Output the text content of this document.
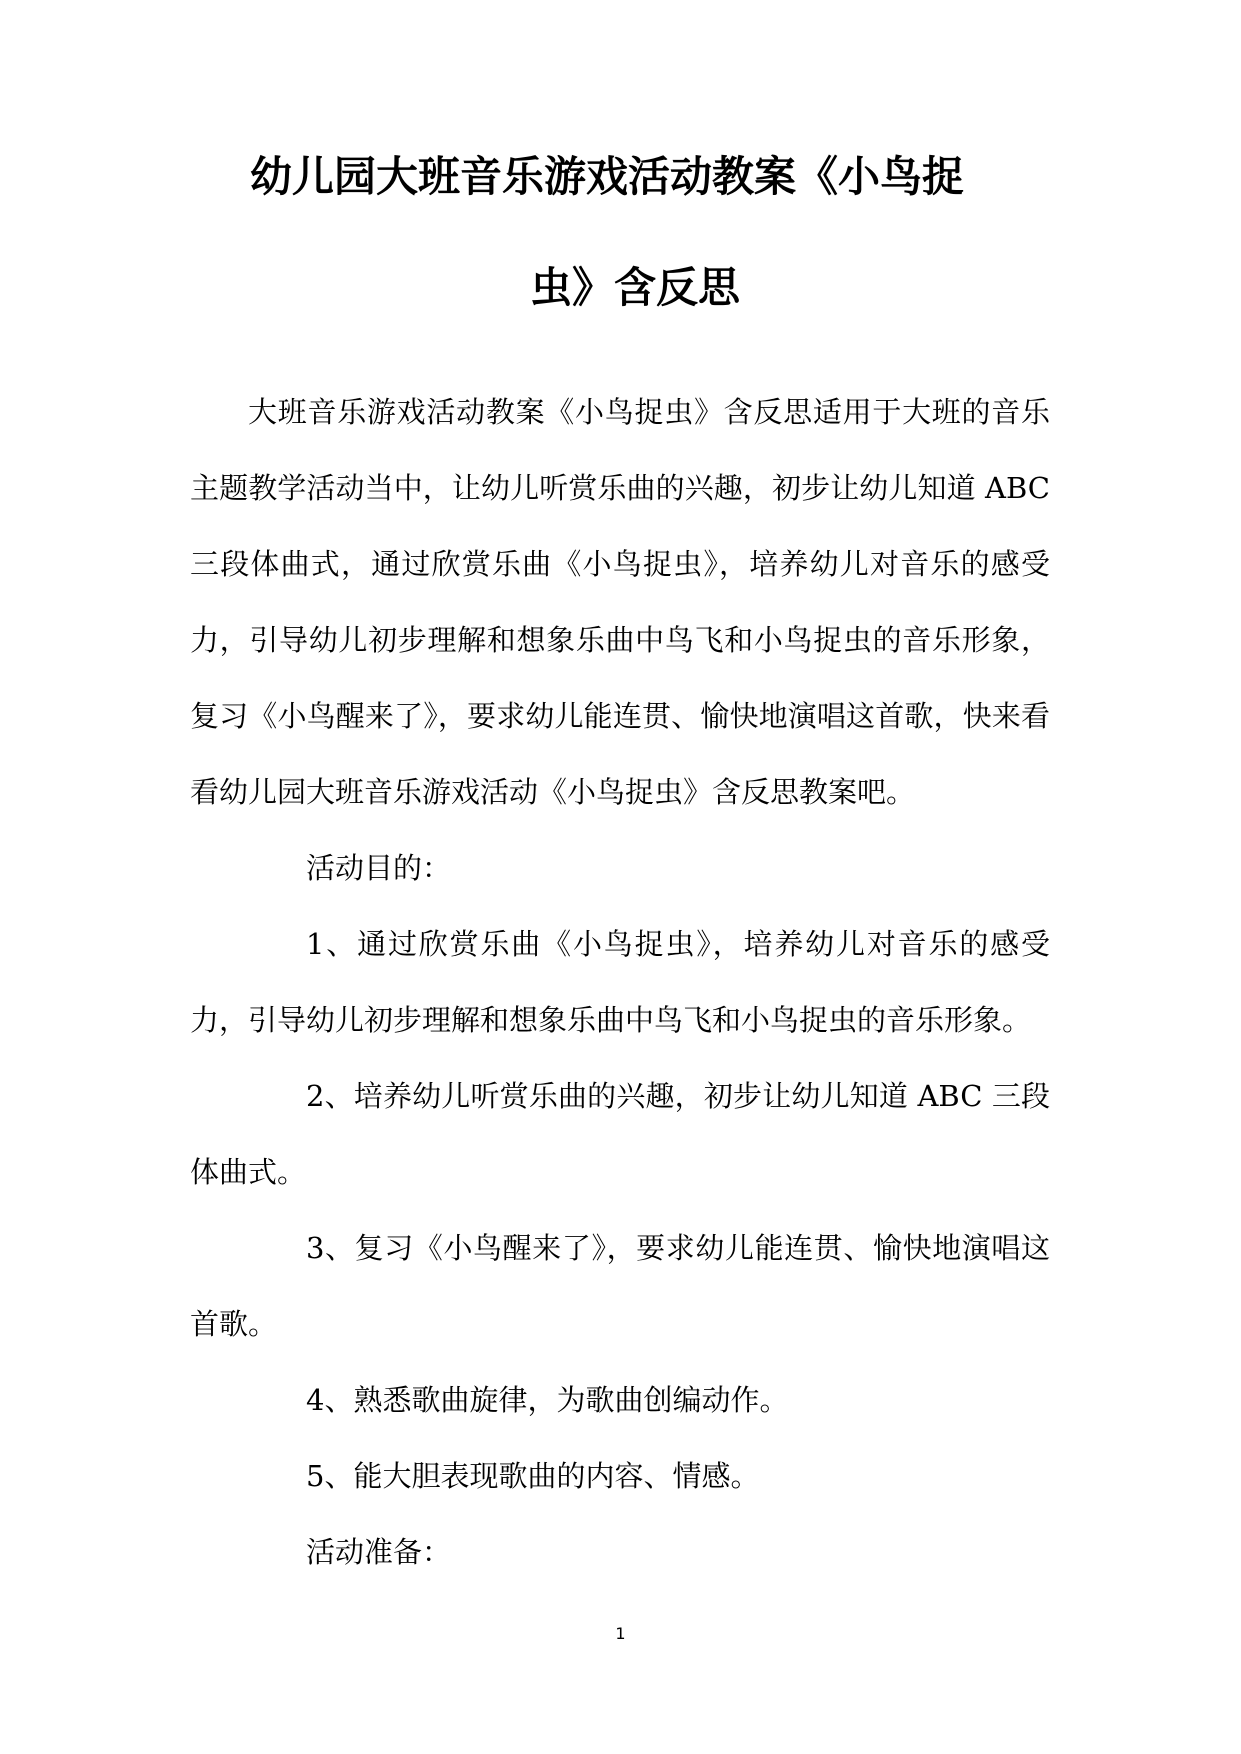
幼儿园大班音乐游戏活动教案《小鸟捉
虫》含反思

大班音乐游戏活动教案《小鸟捉虫》含反思适用于大班的音乐主题教学活动当中，让幼儿听赏乐曲的兴趣，初步让幼儿知道 ABC 三段体曲式，通过欣赏乐曲《小鸟捉虫》，培养幼儿对音乐的感受力，引导幼儿初步理解和想象乐曲中鸟飞和小鸟捉虫的音乐形象，复习《小鸟醒来了》，要求幼儿能连贯、愉快地演唱这首歌，快来看看幼儿园大班音乐游戏活动《小鸟捉虫》含反思教案吧。

活动目的：

1、通过欣赏乐曲《小鸟捉虫》，培养幼儿对音乐的感受力，引导幼儿初步理解和想象乐曲中鸟飞和小鸟捉虫的音乐形象。

2、培养幼儿听赏乐曲的兴趣，初步让幼儿知道 ABC 三段体曲式。

3、复习《小鸟醒来了》，要求幼儿能连贯、愉快地演唱这首歌。

4、熟悉歌曲旋律，为歌曲创编动作。

5、能大胆表现歌曲的内容、情感。

活动准备：

1
